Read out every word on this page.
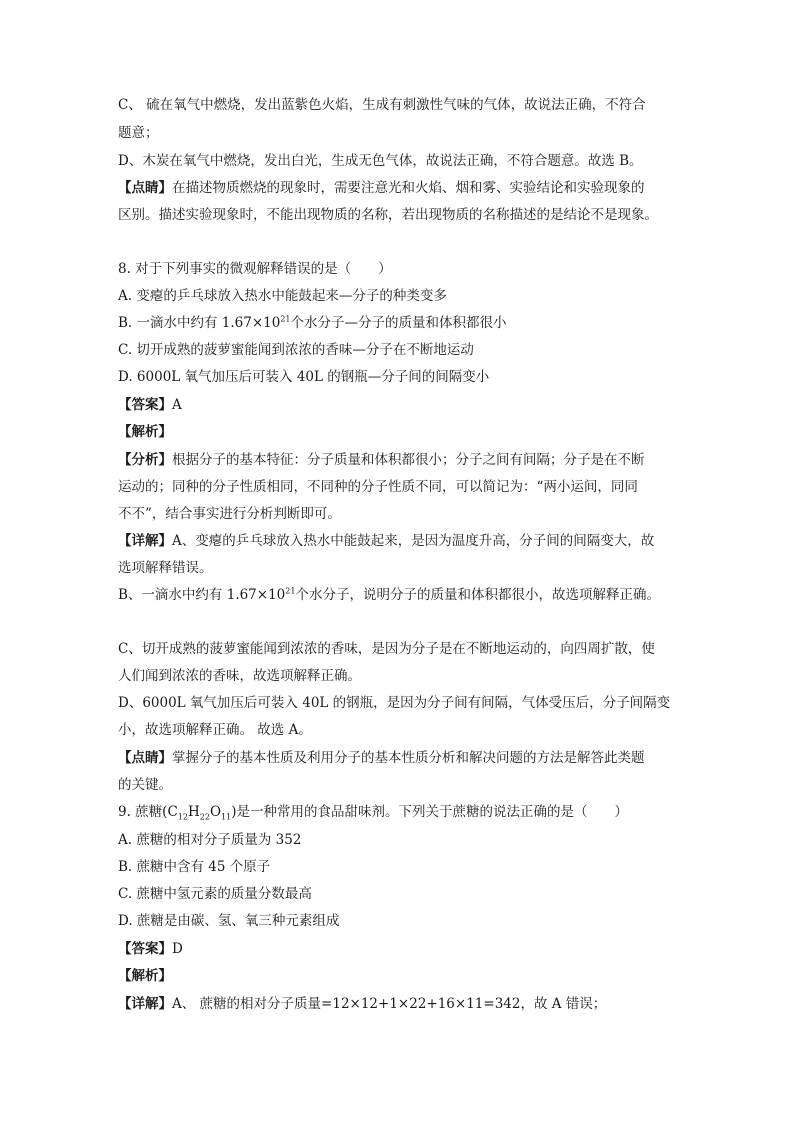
C、 硫在氧气中燃烧，发出蓝紫色火焰，生成有刺激性气味的气体，故说法正确，不符合
题意；
D、木炭在氧气中燃烧，发出白光，生成无色气体，故说法正确，不符合题意。故选 B。
【点睛】在描述物质燃烧的现象时，需要注意光和火焰、烟和雾、实验结论和实验现象的
区别。描述实验现象时，不能出现物质的名称，若出现物质的名称描述的是结论不是现象。
8. 对于下列事实的微观解释错误的是（　　）
A. 变瘪的乒乓球放入热水中能鼓起来—分子的种类变多
B. 一滴水中约有 $1.67\times 10^{21}$个水分子—分子的质量和体积都很小
C. 切开成熟的菠萝蜜能闻到浓浓的香味—分子在不断地运动
D. 6000L 氧气加压后可装入 40L 的钢瓶—分子间的间隔变小
【答案】A
【解析】
【分析】根据分子的基本特征：分子质量和体积都很小；分子之间有间隔；分子是在不断
运动的；同种的分子性质相同，不同种的分子性质不同，可以简记为：“两小运间，同同
不不”，结合事实进行分析判断即可。
【详解】A、变瘪的乒乓球放入热水中能鼓起来，是因为温度升高，分子间的间隔变大，故
选项解释错误。
B、一滴水中约有 $1.67\times 10^{21}$个水分子，说明分子的质量和体积都很小，故选项解释正确。
C、切开成熟的菠萝蜜能闻到浓浓的香味，是因为分子是在不断地运动的，向四周扩散，使
人们闻到浓浓的香味，故选项解释正确。
D、6000L 氧气加压后可装入 40L 的钢瓶，是因为分子间有间隔，气体受压后，分子间隔变
小，故选项解释正确。 故选 A。
【点睛】掌握分子的基本性质及利用分子的基本性质分析和解决问题的方法是解答此类题
的关键。
9. 蔗糖$(C_{12}H_{22}O_{11})$是一种常用的食品甜味剂。下列关于蔗糖的说法正确的是（　　）
A. 蔗糖的相对分子质量为 352
B. 蔗糖中含有 45 个原子
C. 蔗糖中氢元素的质量分数最高
D. 蔗糖是由碳、氢、氧三种元素组成
【答案】D
【解析】
【详解】A、 蔗糖的相对分子质量=12×12+1×22+16×11=342，故 A 错误；
